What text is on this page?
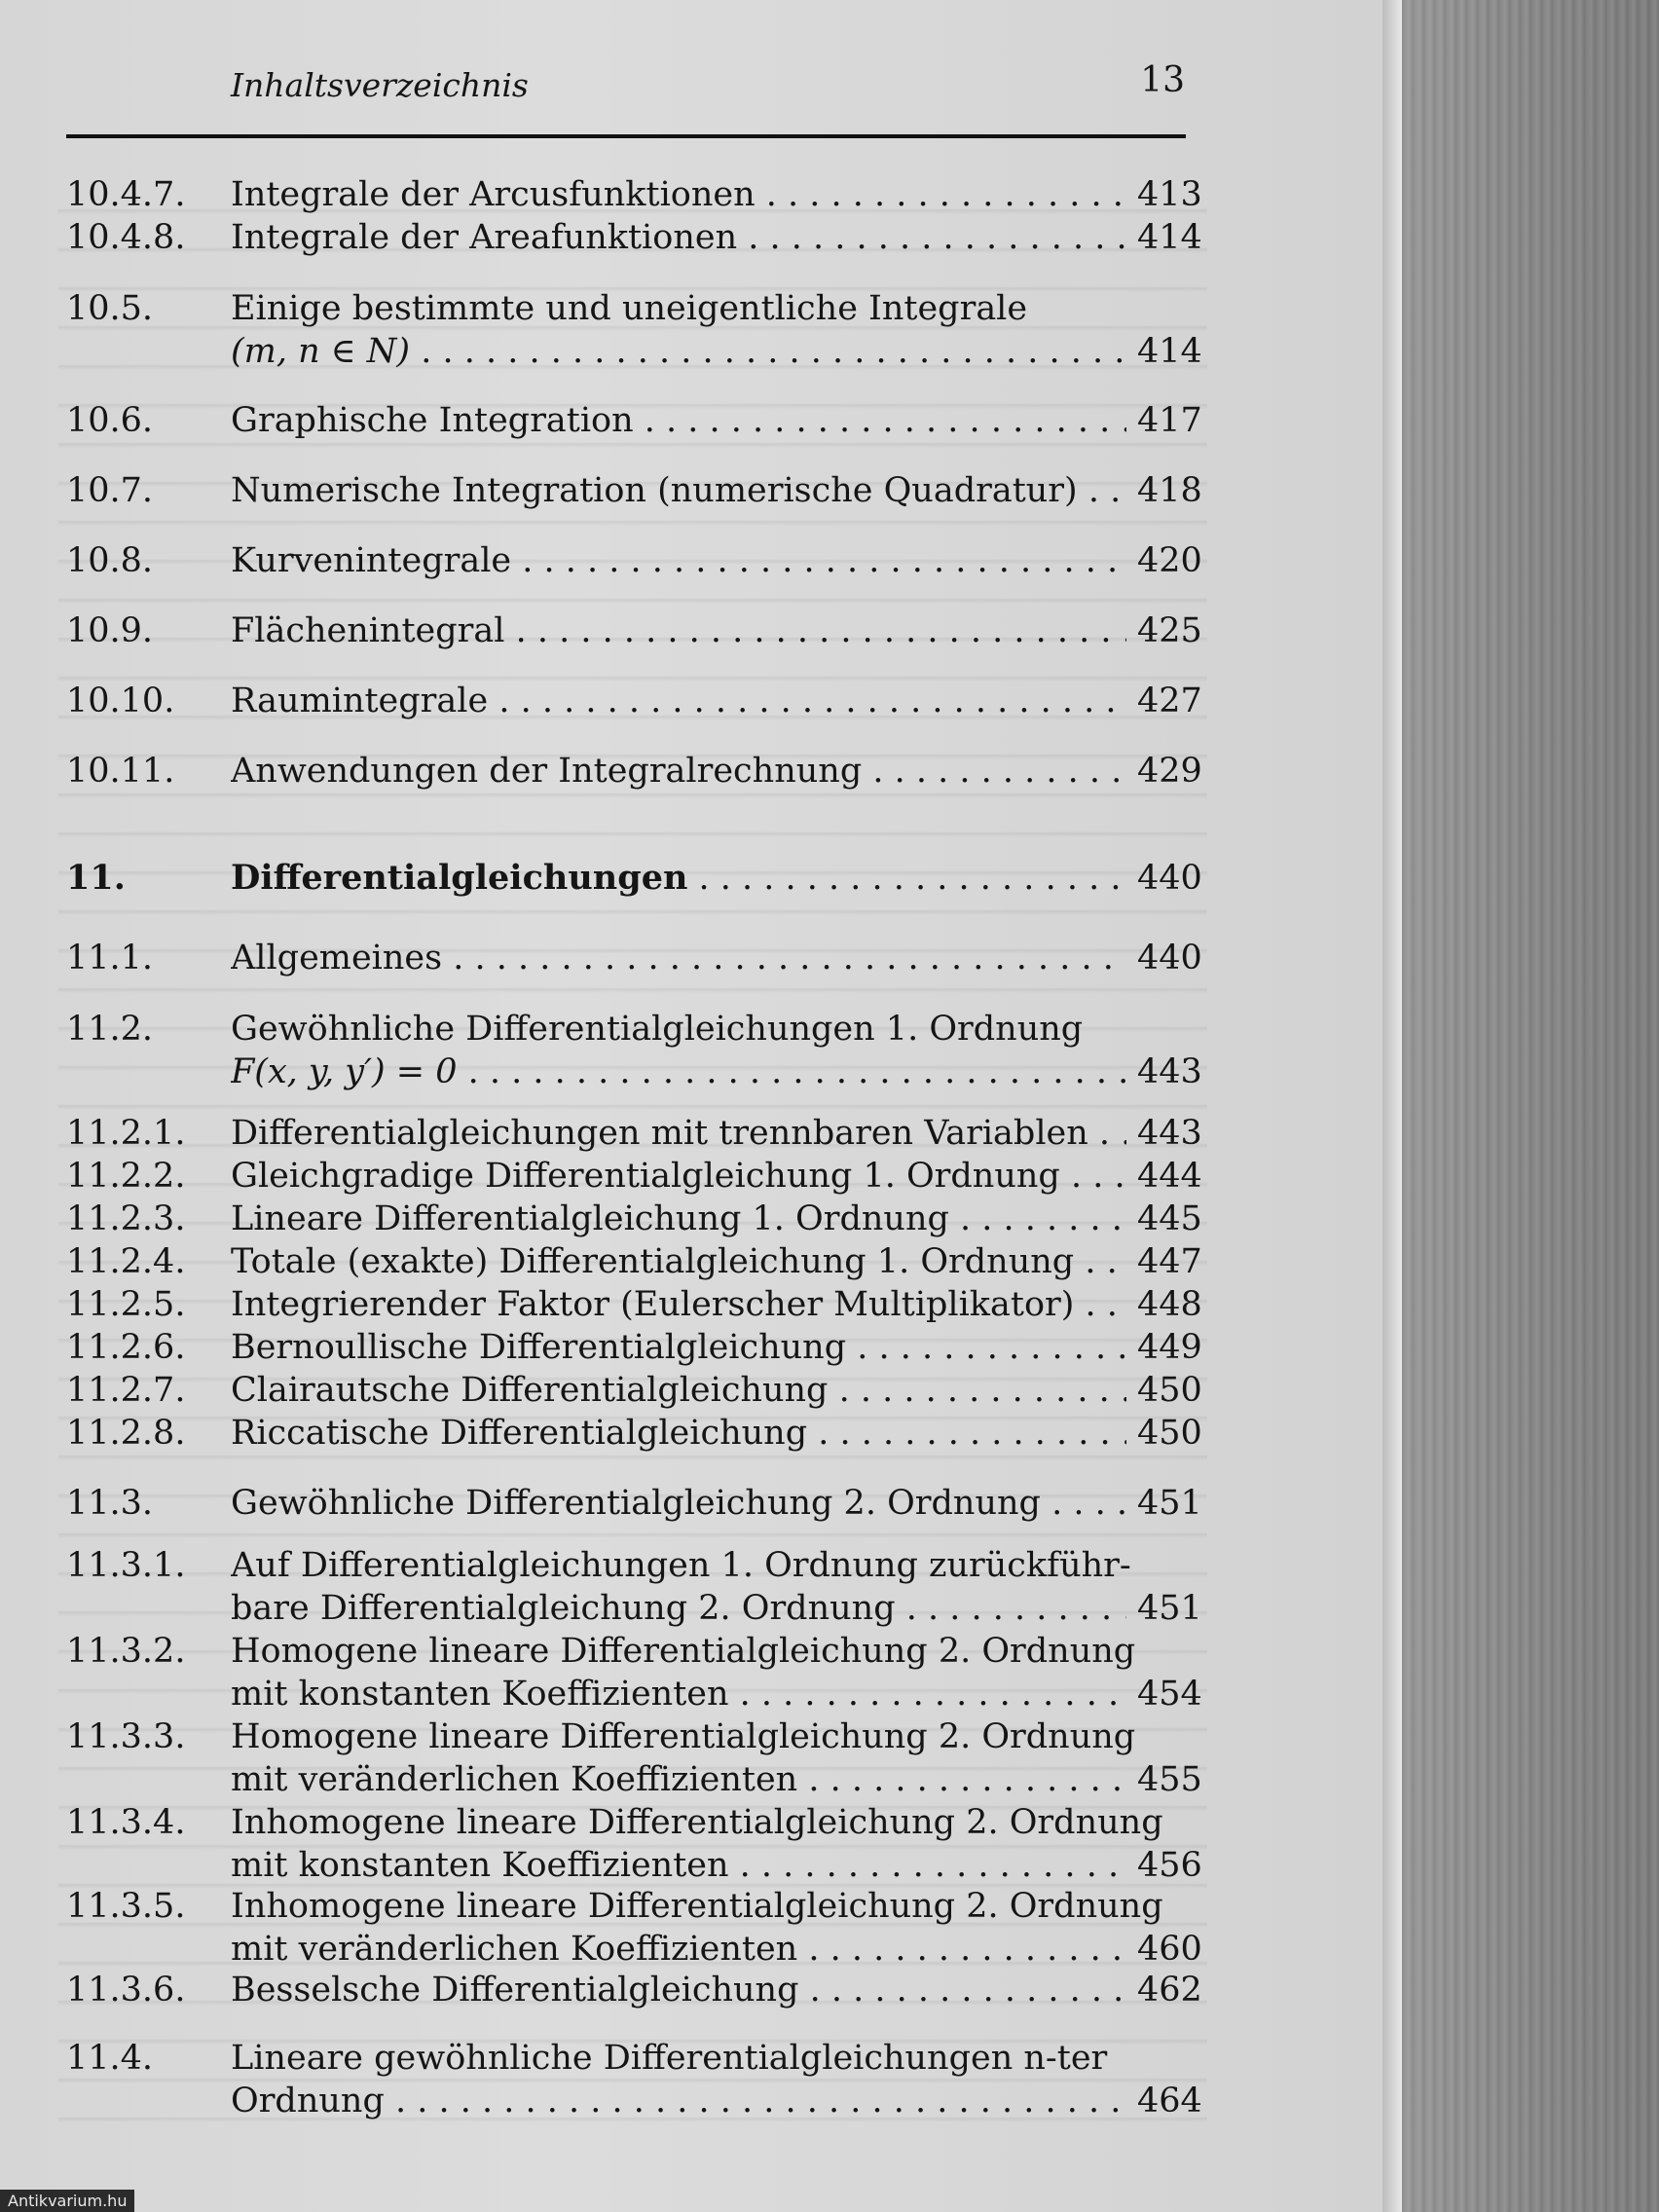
Inhaltsverzeichnis	13
10.4.7. Integrale der Arcusfunktionen . . .	413
10.4.8. Integrale der Areafunktionen . . .	414
10.5. Einige bestimmte und uneigentliche Integrale
(m, n ∈ N) . . .	414
10.6. Graphische Integration . . .	417
10.7. Numerische Integration (numerische Quadratur) . . .	418
10.8. Kurvenintegrale . . .	420
10.9. Flächenintegral . . .	425
10.10. Raumintegrale . . .	427
10.11. Anwendungen der Integralrechnung . . .	429
11.	Differentialgleichungen . . .	440
11.1. Allgemeines . . .	440
11.2. Gewöhnliche Differentialgleichungen 1. Ordnung
F(x, y, y′) = 0 . . .	443
11.2.1. Differentialgleichungen mit trennbaren Variablen . . .	443
11.2.2. Gleichgradige Differentialgleichung 1. Ordnung . . .	444
11.2.3. Lineare Differentialgleichung 1. Ordnung . . .	445
11.2.4. Totale (exakte) Differentialgleichung 1. Ordnung . . .	447
11.2.5. Integrierender Faktor (Eulerscher Multiplikator) . . .	448
11.2.6. Bernoullische Differentialgleichung . . .	449
11.2.7. Clairautsche Differentialgleichung . . .	450
11.2.8. Riccatische Differentialgleichung . . .	450
11.3. Gewöhnliche Differentialgleichung 2. Ordnung . . .	451
11.3.1. Auf Differentialgleichungen 1. Ordnung zurückführ-
bare Differentialgleichung 2. Ordnung . . .	451
11.3.2. Homogene lineare Differentialgleichung 2. Ordnung
mit konstanten Koeffizienten . . .	454
11.3.3. Homogene lineare Differentialgleichung 2. Ordnung
mit veränderlichen Koeffizienten . . .	455
11.3.4. Inhomogene lineare Differentialgleichung 2. Ordnung
mit konstanten Koeffizienten . . .	456
11.3.5. Inhomogene lineare Differentialgleichung 2. Ordnung
mit veränderlichen Koeffizienten . . .	460
11.3.6. Besselsche Differentialgleichung . . .	462
11.4. Lineare gewöhnliche Differentialgleichungen n-ter
Ordnung . . .	464
Antikvarium.hu
